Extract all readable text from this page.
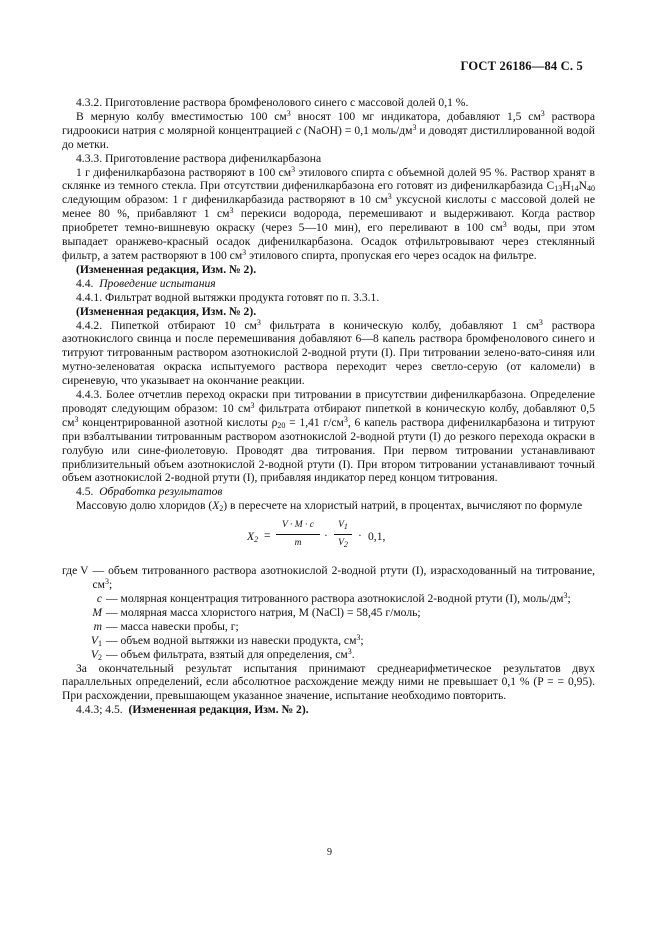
ГОСТ 26186—84 С. 5

4.3.2. Приготовление раствора бромфенолового синего с массовой долей 0,1 %.

В мерную колбу вместимостью 100 $см^3$ вносят 100 мг индикатора, добавляют 1,5 $см^3$ раствора гидроокиси натрия с молярной концентрацией с (NaOH) = 0,1 моль/$дм^3$ и доводят дистиллированной водой до метки.

4.3.3. Приготовление раствора дифенилкарбазона

1 г дифенилкарбазона растворяют в 100 $см^3$ этилового спирта с объемной долей 95 %. Раствор хранят в склянке из темного стекла. При отсутствии дифенилкарбазона его готовят из дифенилкарбазида $C_{13}H_{14}N_{40}$ следующим образом: 1 г дифенилкарбазида растворяют в 10 $см^3$ уксусной кислоты с массовой долей не менее 80 %, прибавляют 1 $см^3$ перекиси водорода, перемешивают и выдерживают. Когда раствор приобретет темно-вишневую окраску (через 5—10 мин), его переливают в 100 $см^3$ воды, при этом выпадает оранжево-красный осадок дифенилкарбазона. Осадок отфильтровывают через стеклянный фильтр, а затем растворяют в 100 $см^3$ этилового спирта, пропуская его через осадок на фильтре.

(Измененная редакция, Изм. № 2).

4.4. Проведение испытания

4.4.1. Фильтрат водной вытяжки продукта готовят по п. 3.3.1.

(Измененная редакция, Изм. № 2).

4.4.2. Пипеткой отбирают 10 $см^3$ фильтрата в коническую колбу, добавляют 1 $см^3$ раствора азотнокислого свинца и после перемешивания добавляют 6—8 капель раствора бромфенолового синего и титруют титрованным раствором азотнокислой 2-водной ртути (I). При титровании зелено-вато-синяя или мутно-зеленоватая окраска испытуемого раствора переходит через светло-серую (от каломели) в сиреневую, что указывает на окончание реакции.

4.4.3. Более отчетлив переход окраски при титровании в присутствии дифенилкарбазона. Определение проводят следующим образом: 10 $см^3$ фильтрата отбирают пипеткой в коническую колбу, добавляют 0,5 $см^3$ концентрированной азотной кислоты $\rho_{20} = 1,41$ $г/см^3$, 6 капель раствора дифенилкарбазона и титруют при взбалтывании титрованным раствором азотнокислой 2-водной ртути (I) до резкого перехода окраски в голубую или сине-фиолетовую. Проводят два титрования. При первом титровании устанавливают приблизительный объем азотнокислой 2-водной ртути (I). При втором титровании устанавливают точный объем азотнокислой 2-водной ртути (I), прибавляя индикатор перед концом титрования.

4.5. Обработка результатов

Массовую долю хлоридов $(X_2)$ в пересчете на хлористый натрий, в процентах, вычисляют по формуле

$X_2$ =
V · M · c
m
·
$V_1$
$V_2$
· 0,1,
где V — объем титрованного раствора азотнокислой 2-водной ртути (I), израсходованный на титрование, $см^3$;
c — молярная концентрация титрованного раствора азотнокислой 2-водной ртути (I), моль/$дм^3$;
M — молярная масса хлористого натрия, M (NaCl) = 58,45 г/моль;
m — масса навески пробы, г;
$V_1$ — объем водной вытяжки из навески продукта, $см^3$;
$V_2$ — объем фильтрата, взятый для определения, $см^3$.

За окончательный результат испытания принимают среднеарифметическое результатов двух параллельных определений, если абсолютное расхождение между ними не превышает 0,1 % (P = = 0,95). При расхождении, превышающем указанное значение, испытание необходимо повторить.

4.4.3; 4.5. (Измененная редакция, Изм. № 2).

9
